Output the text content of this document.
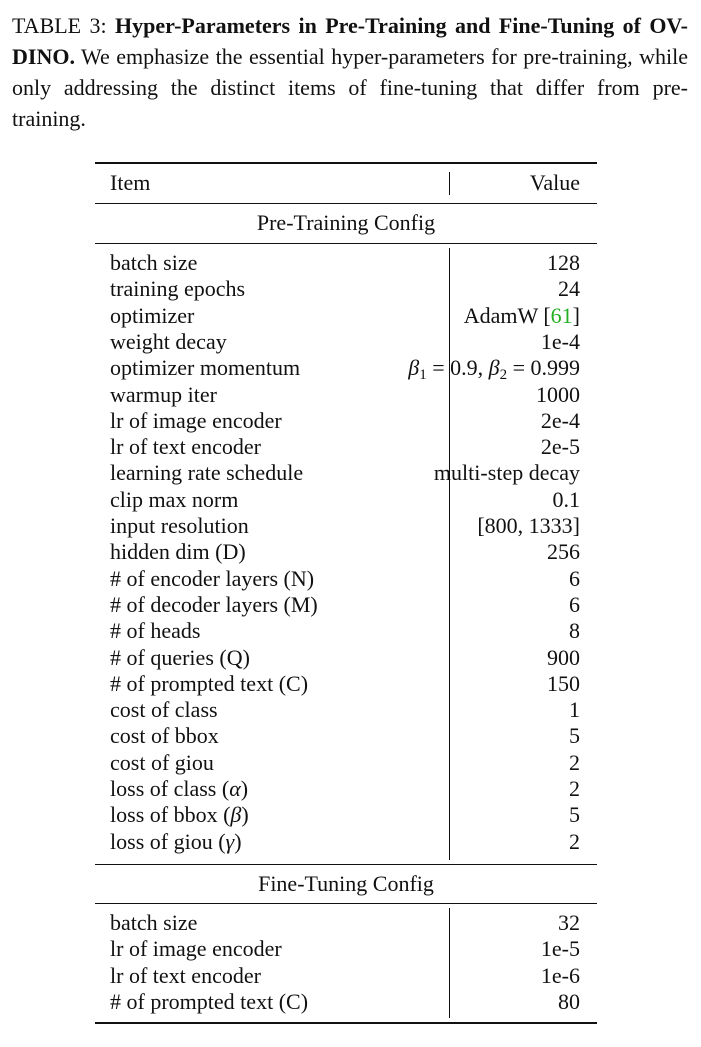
TABLE 3: Hyper-Parameters in Pre-Training and Fine-Tuning of OV-DINO. We emphasize the essential hyper-parameters for pre-training, while only addressing the distinct items of fine-tuning that differ from pre-training.
Item	Value
Pre-Training Config
batch size	128
training epochs	24
optimizer	AdamW [61]
weight decay	1e-4
optimizer momentum	$\beta_1 = 0.9$, $\beta_2 = 0.999$
warmup iter	1000
lr of image encoder	2e-4
lr of text encoder	2e-5
learning rate schedule	multi-step decay
clip max norm	0.1
input resolution	[800, 1333]
hidden dim (D)	256
# of encoder layers (N)	6
# of decoder layers (M)	6
# of heads	8
# of queries (Q)	900
# of prompted text (C)	150
cost of class	1
cost of bbox	5
cost of giou	2
loss of class (α)	2
loss of bbox (β)	5
loss of giou (γ)	2
Fine-Tuning Config
batch size	32
lr of image encoder	1e-5
lr of text encoder	1e-6
# of prompted text (C)	80
